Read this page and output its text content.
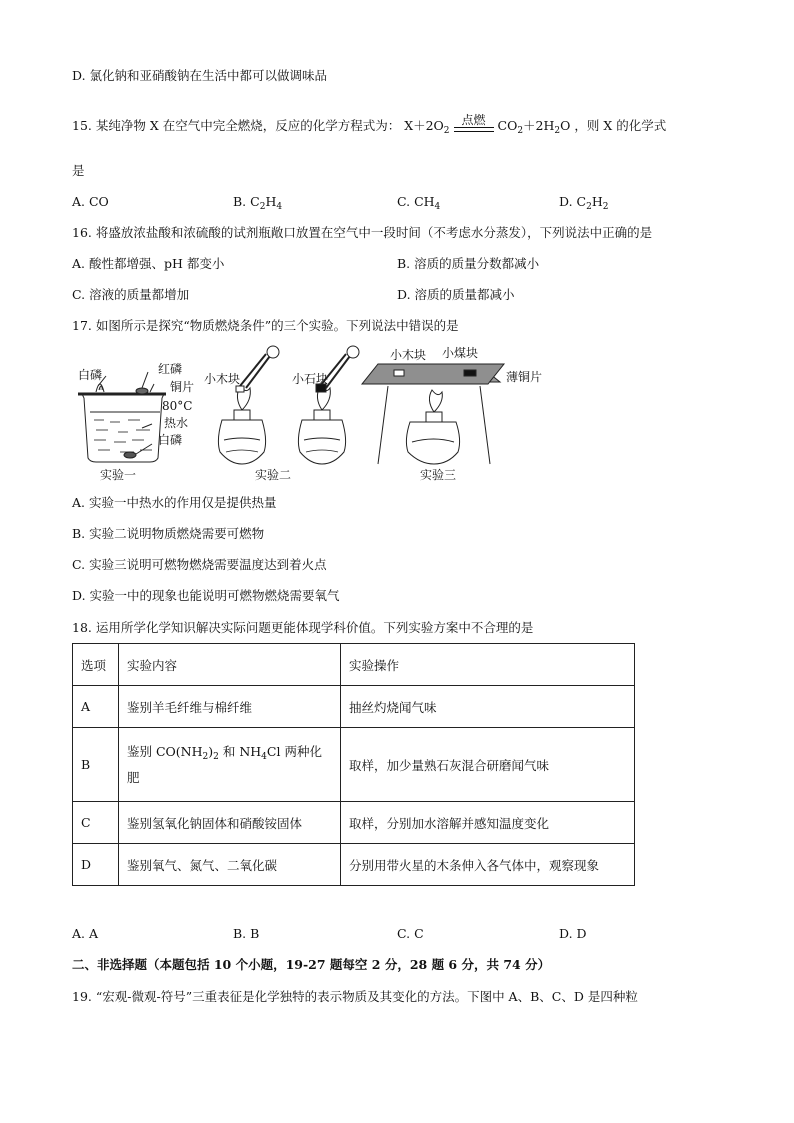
D. 氯化钠和亚硝酸钠在生活中都可以做调味品
15. 某纯净物 X 在空气中完全燃烧，反应的化学方程式为： $X+2O_2$
点燃 $CO_2+2H_2O$ ，则 X 的化学式
是
A. CO	B. $C_2H_4$	C. $CH_4$	D. $C_2H_2$
16. 将盛放浓盐酸和浓硫酸的试剂瓶敞口放置在空气中一段时间（不考虑水分蒸发），下列说法中正确的是
A. 酸性都增强、pH 都变小	B. 溶质的质量分数都减小
C. 溶液的质量都增加	D. 溶质的质量都减小
17. 如图所示是探究“物质燃烧条件”的三个实验。下列说法中错误的是
白磷	红磷
铜片
80°C
热水
白磷
实验一
小木块	小石块
实验二
小木块 小煤块
薄铜片
实验三
A. 实验一中热水的作用仅是提供热量
B. 实验二说明物质燃烧需要可燃物
C. 实验三说明可燃物燃烧需要温度达到着火点
D. 实验一中的现象也能说明可燃物燃烧需要氧气
18. 运用所学化学知识解决实际问题更能体现学科价值。下列实验方案中不合理的是
选项	实验内容	实验操作
A	鉴别羊毛纤维与棉纤维	抽丝灼烧闻气味
B	鉴别 $CO(NH_2)_2$ 和 $NH_4Cl$ 两种化
肥	取样，加少量熟石灰混合研磨闻气味
C	鉴别氢氧化钠固体和硝酸铵固体	取样，分别加水溶解并感知温度变化
D	鉴别氧气、氮气、二氧化碳	分别用带火星的木条伸入各气体中，观察现象
A. A	B. B	C. C	D. D
二、非选择题（本题包括 10 个小题，19-27 题每空 2 分，28 题 6 分，共 74 分）
19. “宏观-微观-符号”三重表征是化学独特的表示物质及其变化的方法。下图中 A、B、C、D 是四种粒
